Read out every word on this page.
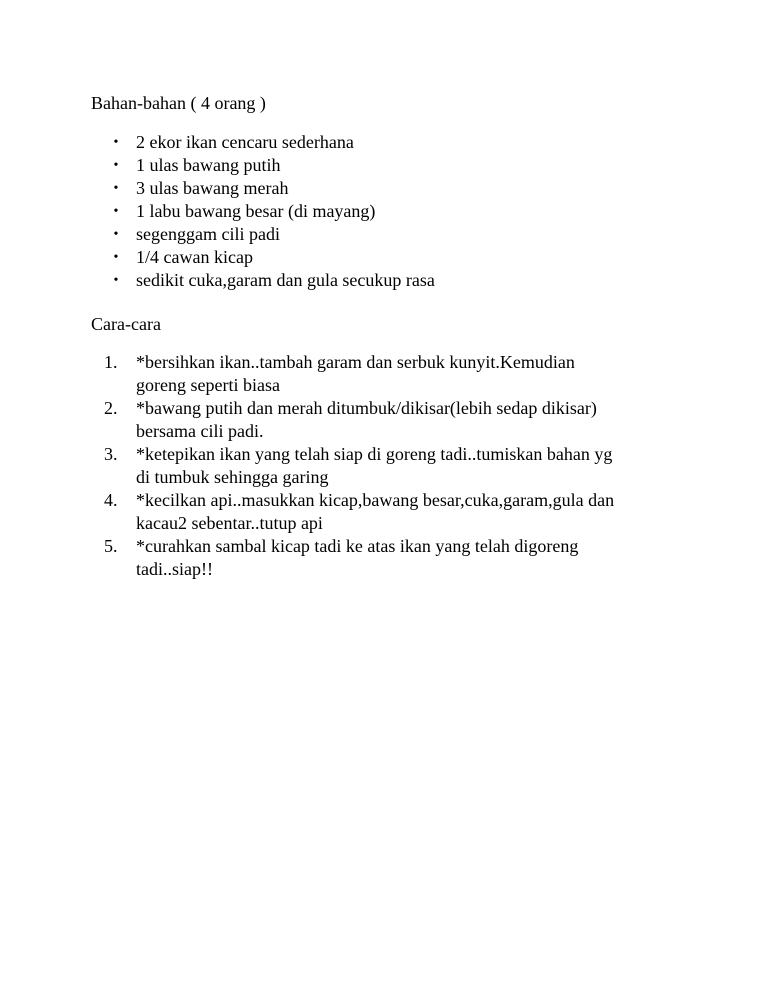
Bahan-bahan ( 4 orang )
• 2 ekor ikan cencaru sederhana
• 1 ulas bawang putih
• 3 ulas bawang merah
• 1 labu bawang besar (di mayang)
• segenggam cili padi
• 1/4 cawan kicap
• sedikit cuka,garam dan gula secukup rasa
Cara-cara
1.	*bersihkan ikan..tambah garam dan serbuk kunyit.Kemudian
goreng seperti biasa
2.	*bawang putih dan merah ditumbuk/dikisar(lebih sedap dikisar)
bersama cili padi.
3.	*ketepikan ikan yang telah siap di goreng tadi..tumiskan bahan yg
di tumbuk sehingga garing
4.	*kecilkan api..masukkan kicap,bawang besar,cuka,garam,gula dan
kacau2 sebentar..tutup api
5.	*curahkan sambal kicap tadi ke atas ikan yang telah digoreng
tadi..siap!!
